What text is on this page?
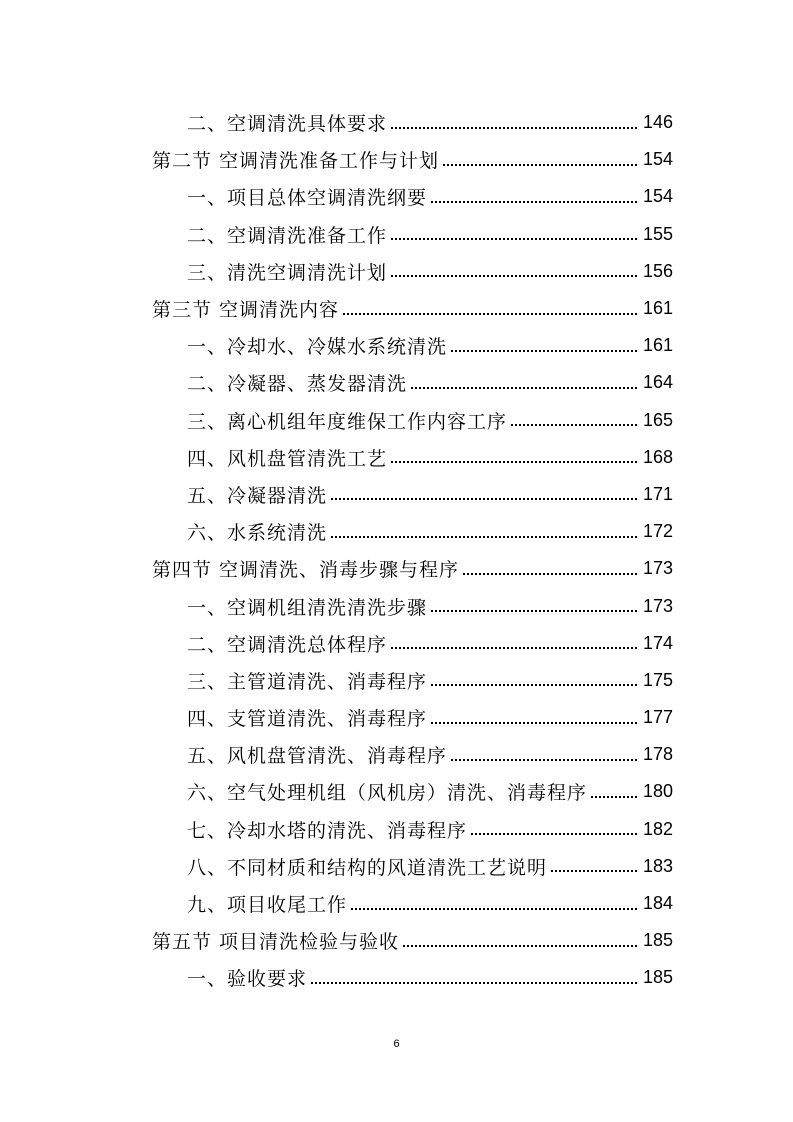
二、空调清洗具体要求	146
第二节 空调清洗准备工作与计划	154
一、项目总体空调清洗纲要	154
二、空调清洗准备工作	155
三、清洗空调清洗计划	156
第三节 空调清洗内容	161
一、冷却水、冷媒水系统清洗	161
二、冷凝器、蒸发器清洗	164
三、离心机组年度维保工作内容工序	165
四、风机盘管清洗工艺	168
五、冷凝器清洗	171
六、水系统清洗	172
第四节 空调清洗、消毒步骤与程序	173
一、空调机组清洗清洗步骤	173
二、空调清洗总体程序	174
三、主管道清洗、消毒程序	175
四、支管道清洗、消毒程序	177
五、风机盘管清洗、消毒程序	178
六、空气处理机组（风机房）清洗、消毒程序	180
七、冷却水塔的清洗、消毒程序	182
八、不同材质和结构的风道清洗工艺说明	183
九、项目收尾工作	184
第五节 项目清洗检验与验收	185
一、验收要求	185
6
